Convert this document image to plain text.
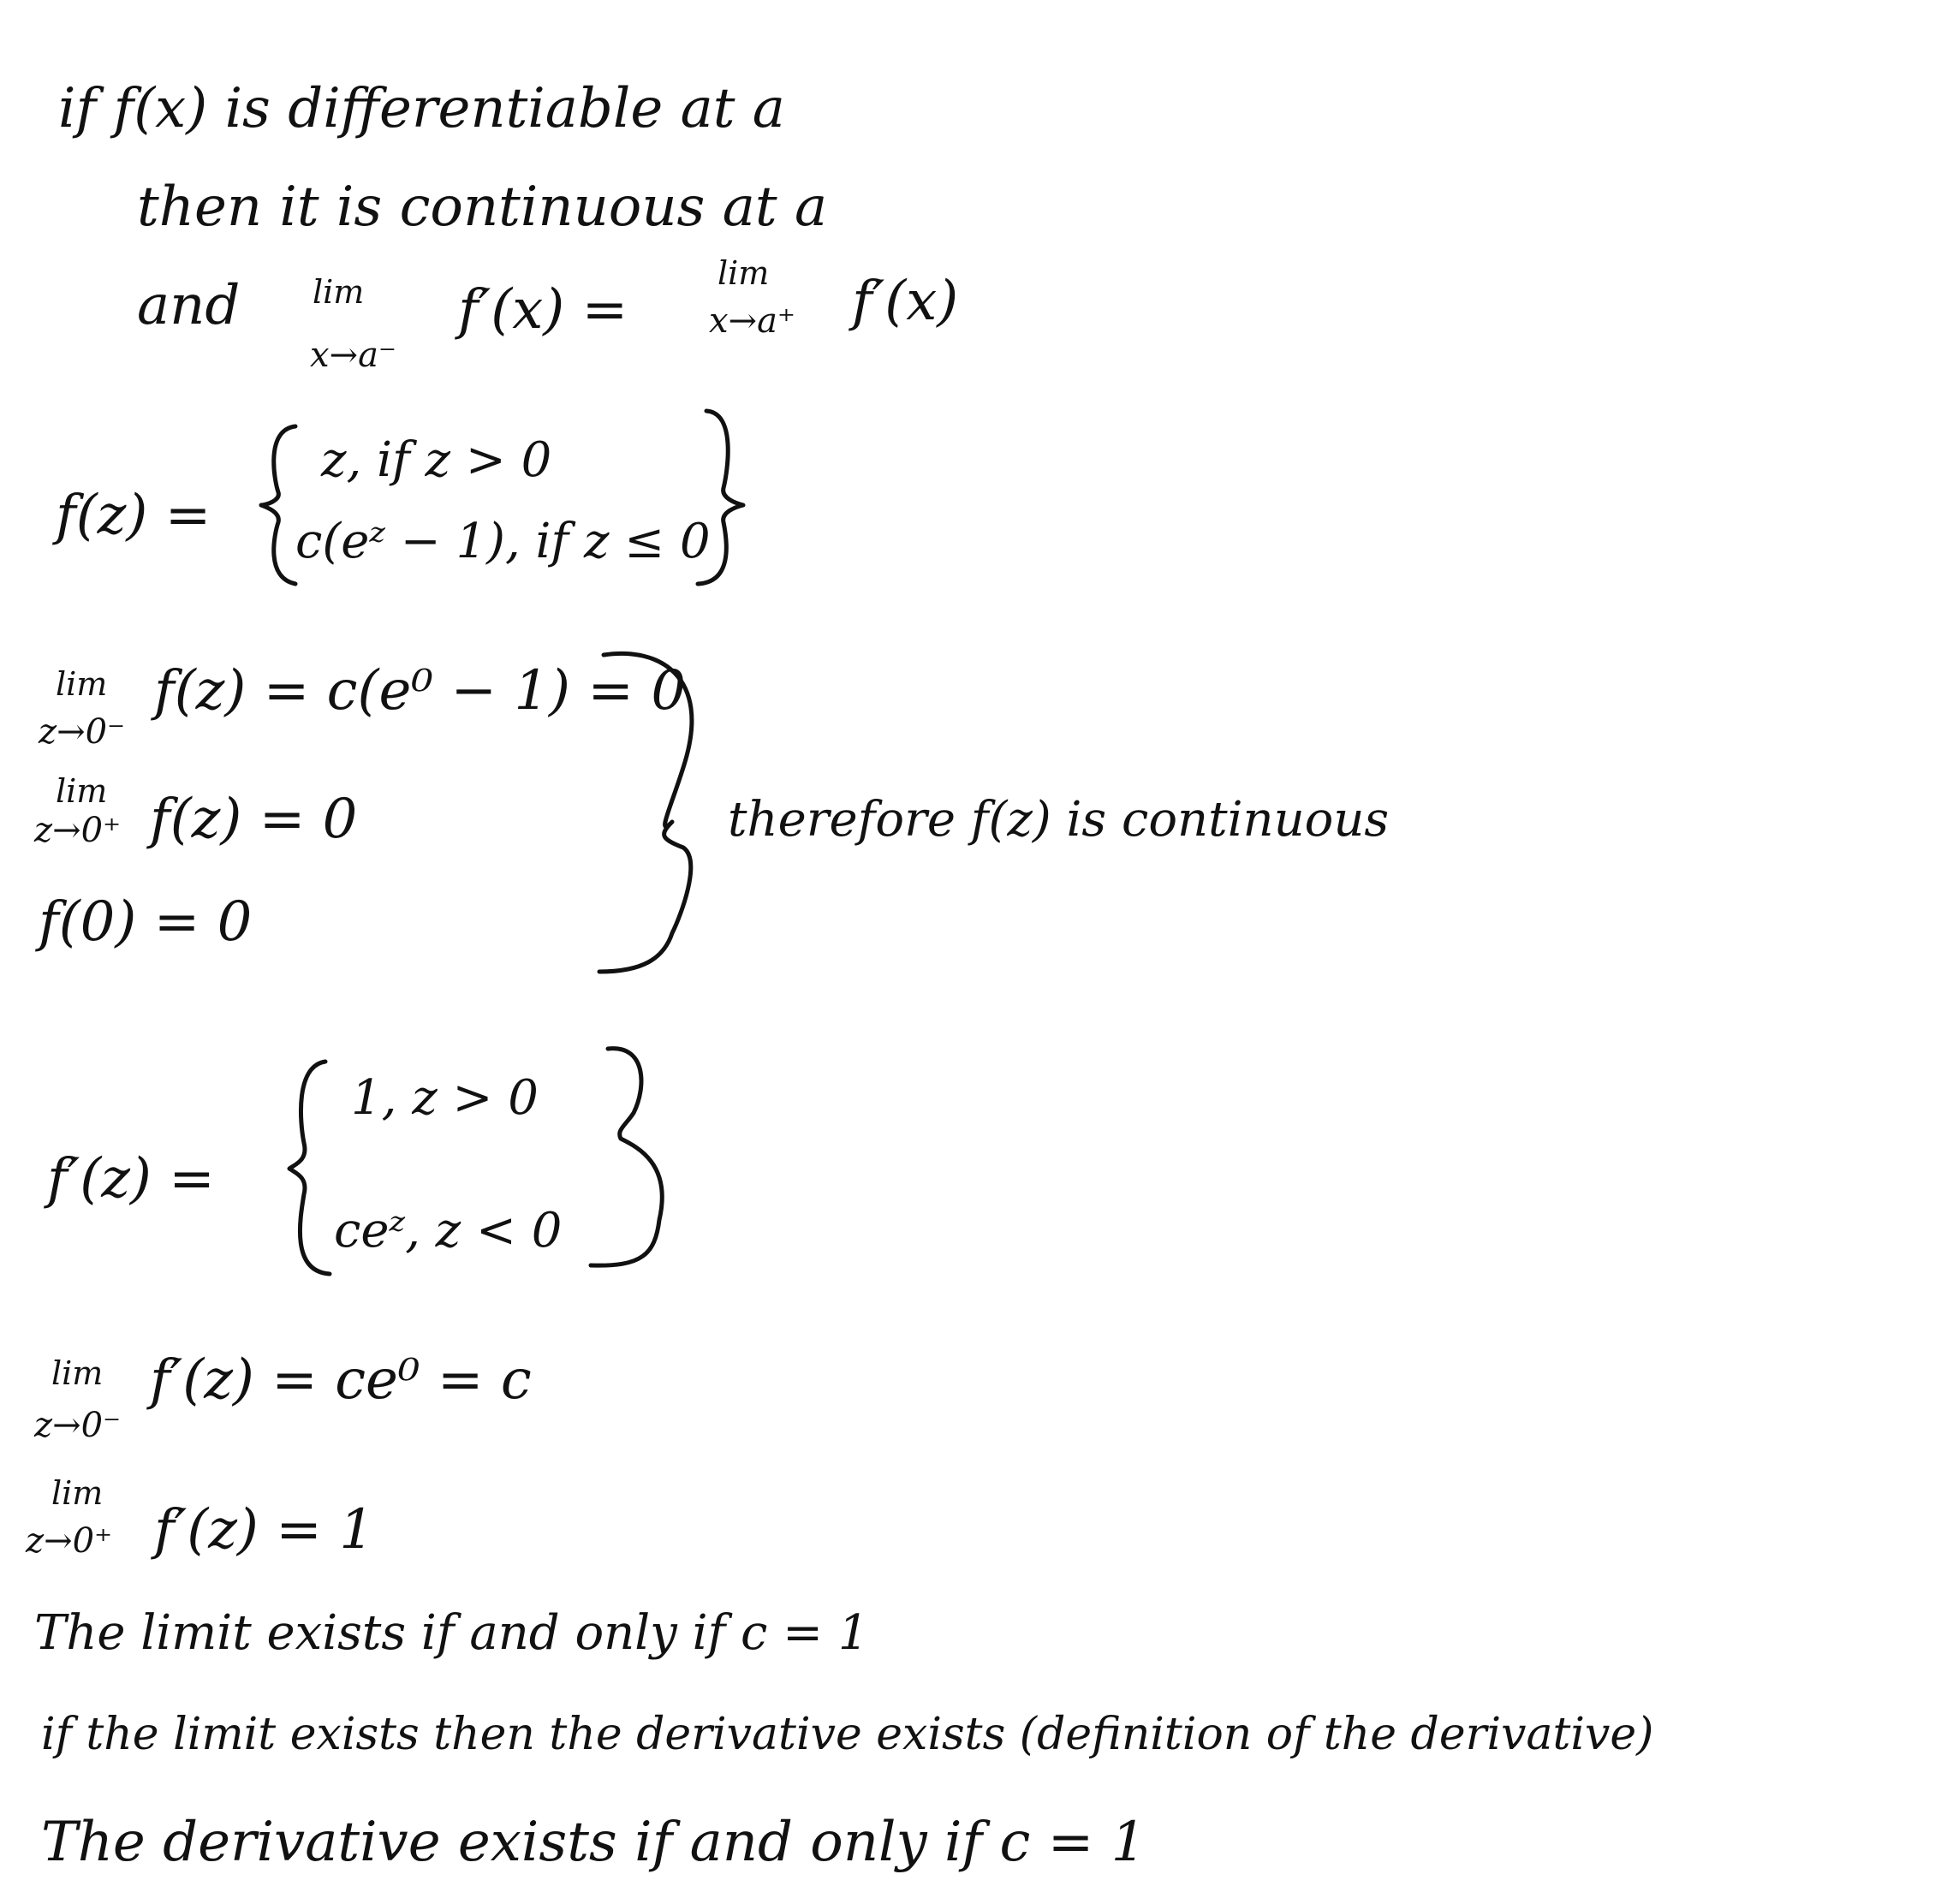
if f(x) is differentiable at a
then it is continuous at a
and lim
x→a⁻
f′(x) =
lim
x→a⁺ f′(x)
f(z) =
z, if z > 0
c(eᶻ − 1), if z ≤ 0
lim
z→0⁻
f(z) = c(e⁰ − 1) = 0
lim
z→0⁺ f(z) = 0
f(0) = 0
therefore f(z) is continuous
f′(z) =
1, z > 0
ceᶻ, z < 0
lim
z→0⁻
f′(z) = ce⁰ = c
lim
z→0⁺ f′(z) = 1
The limit exists if and only if c = 1
if the limit exists then the derivative exists (definition of the derivative)
The derivative exists if and only if c = 1
